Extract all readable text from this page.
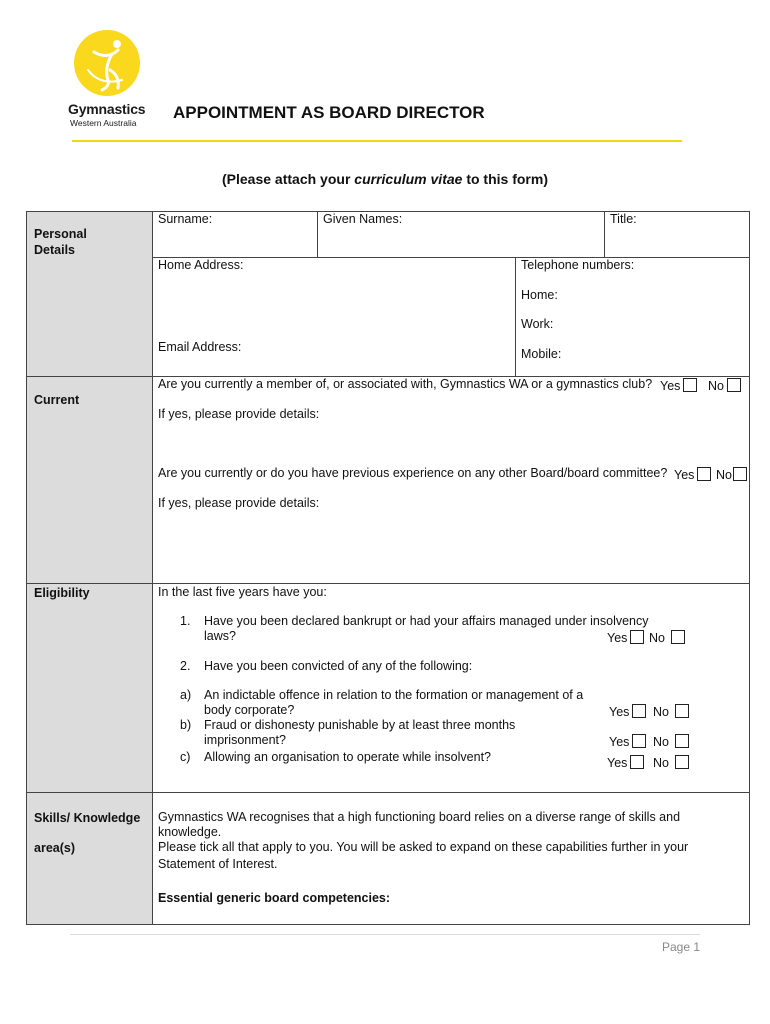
Gymnastics
Western Australia
APPOINTMENT AS BOARD DIRECTOR
(Please attach your curriculum vitae to this form)
Personal Details
Surname:	Given Names:	Title:
Home Address:
Email Address:
Telephone numbers:
Home:
Work:
Mobile:
Current
Are you currently a member of, or associated with, Gymnastics WA or a gymnastics club? Yes	No
If yes, please provide details:
Are you currently or do you have previous experience on any other Board/board committee? Yes	No
If yes, please provide details:
Eligibility	In the last five years have you:
1. Have you been declared bankrupt or had your affairs managed under insolvency
laws?	Yes	No
2. Have you been convicted of any of the following:
a) An indictable offence in relation to the formation or management of a
body corporate?	Yes	No
b) Fraud or dishonesty punishable by at least three months
imprisonment?	Yes	No
c) Allowing an organisation to operate while insolvent?	Yes	No
Skills/ Knowledge
area(s)
Gymnastics WA recognises that a high functioning board relies on a diverse range of skills and
knowledge.
Please tick all that apply to you. You will be asked to expand on these capabilities further in your
Statement of Interest.
Essential generic board competencies:
Page 1
